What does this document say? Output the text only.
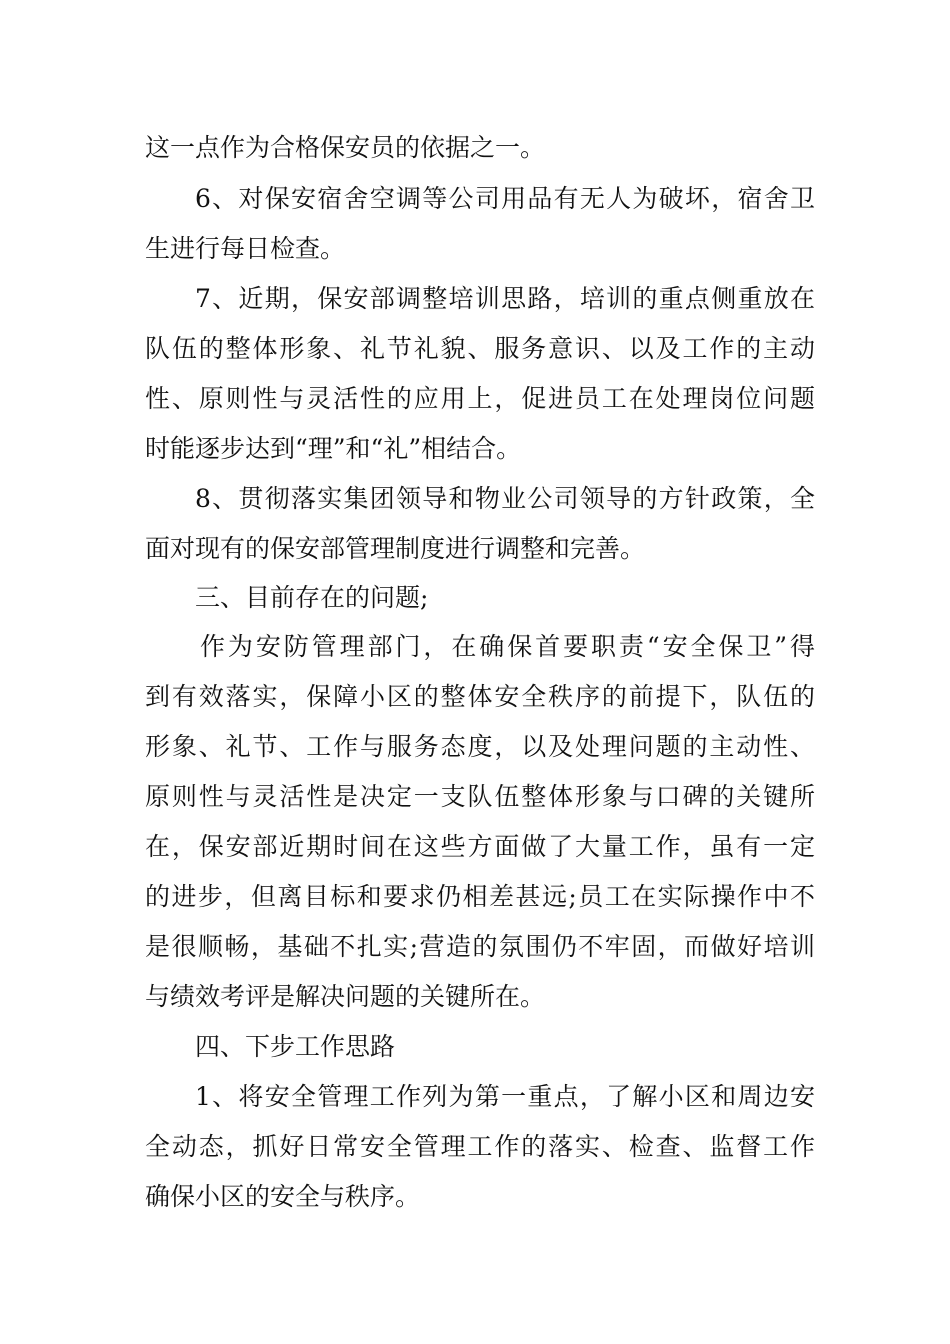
这一点作为合格保安员的依据之一。
6、对保安宿舍空调等公司用品有无人为破坏，宿舍卫
生进行每日检查。
7、近期，保安部调整培训思路，培训的重点侧重放在
队伍的整体形象、礼节礼貌、服务意识、以及工作的主动
性、原则性与灵活性的应用上，促进员工在处理岗位问题
时能逐步达到“理”和“礼”相结合。
8、贯彻落实集团领导和物业公司领导的方针政策，全
面对现有的保安部管理制度进行调整和完善。
三、目前存在的问题;
作为安防管理部门，在确保首要职责“安全保卫”得
到有效落实，保障小区的整体安全秩序的前提下，队伍的
形象、礼节、工作与服务态度，以及处理问题的主动性、
原则性与灵活性是决定一支队伍整体形象与口碑的关键所
在，保安部近期时间在这些方面做了大量工作，虽有一定
的进步，但离目标和要求仍相差甚远;员工在实际操作中不
是很顺畅，基础不扎实;营造的氛围仍不牢固，而做好培训
与绩效考评是解决问题的关键所在。
四、下步工作思路
1、将安全管理工作列为第一重点，了解小区和周边安
全动态，抓好日常安全管理工作的落实、检查、监督工作
确保小区的安全与秩序。
